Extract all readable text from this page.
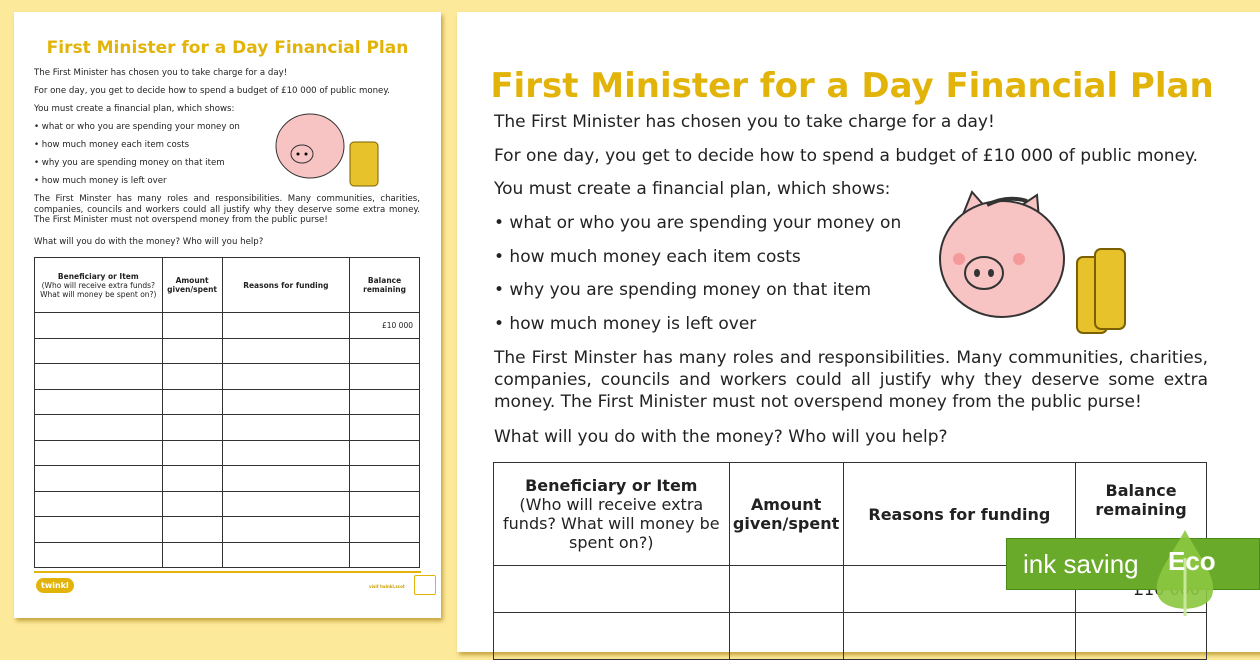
First Minister for a Day Financial Plan
The First Minister has chosen you to take charge for a day!
For one day, you get to decide how to spend a budget of £10 000 of public money.
You must create a financial plan, which shows:
• what or who you are spending your money on
• how much money each item costs
• why you are spending money on that item
• how much money is left over
The First Minster has many roles and responsibilities. Many communities, charities, companies, councils and workers could all justify why they deserve some extra money. The First Minister must not overspend money from the public purse!
What will you do with the money? Who will you help?
Beneficiary or Item
(Who will receive extra funds? What will money be spent on?)	Amount given/spent	Reasons for funding	Balance remaining
			£10 000

twinkl	visit twinkl.scot
First Minister for a Day Financial Plan
The First Minister has chosen you to take charge for a day!
For one day, you get to decide how to spend a budget of £10 000 of public money.
You must create a financial plan, which shows:
• what or who you are spending your money on
• how much money each item costs
• why you are spending money on that item
• how much money is left over
The First Minster has many roles and responsibilities. Many communities, charities, companies, councils and workers could all justify why they deserve some extra money. The First Minister must not overspend money from the public purse!
What will you do with the money? Who will you help?
Beneficiary or Item
(Who will receive extra funds? What will money be spent on?)	Amount given/spent	Reasons for funding	Balance remaining

ink saving Eco
